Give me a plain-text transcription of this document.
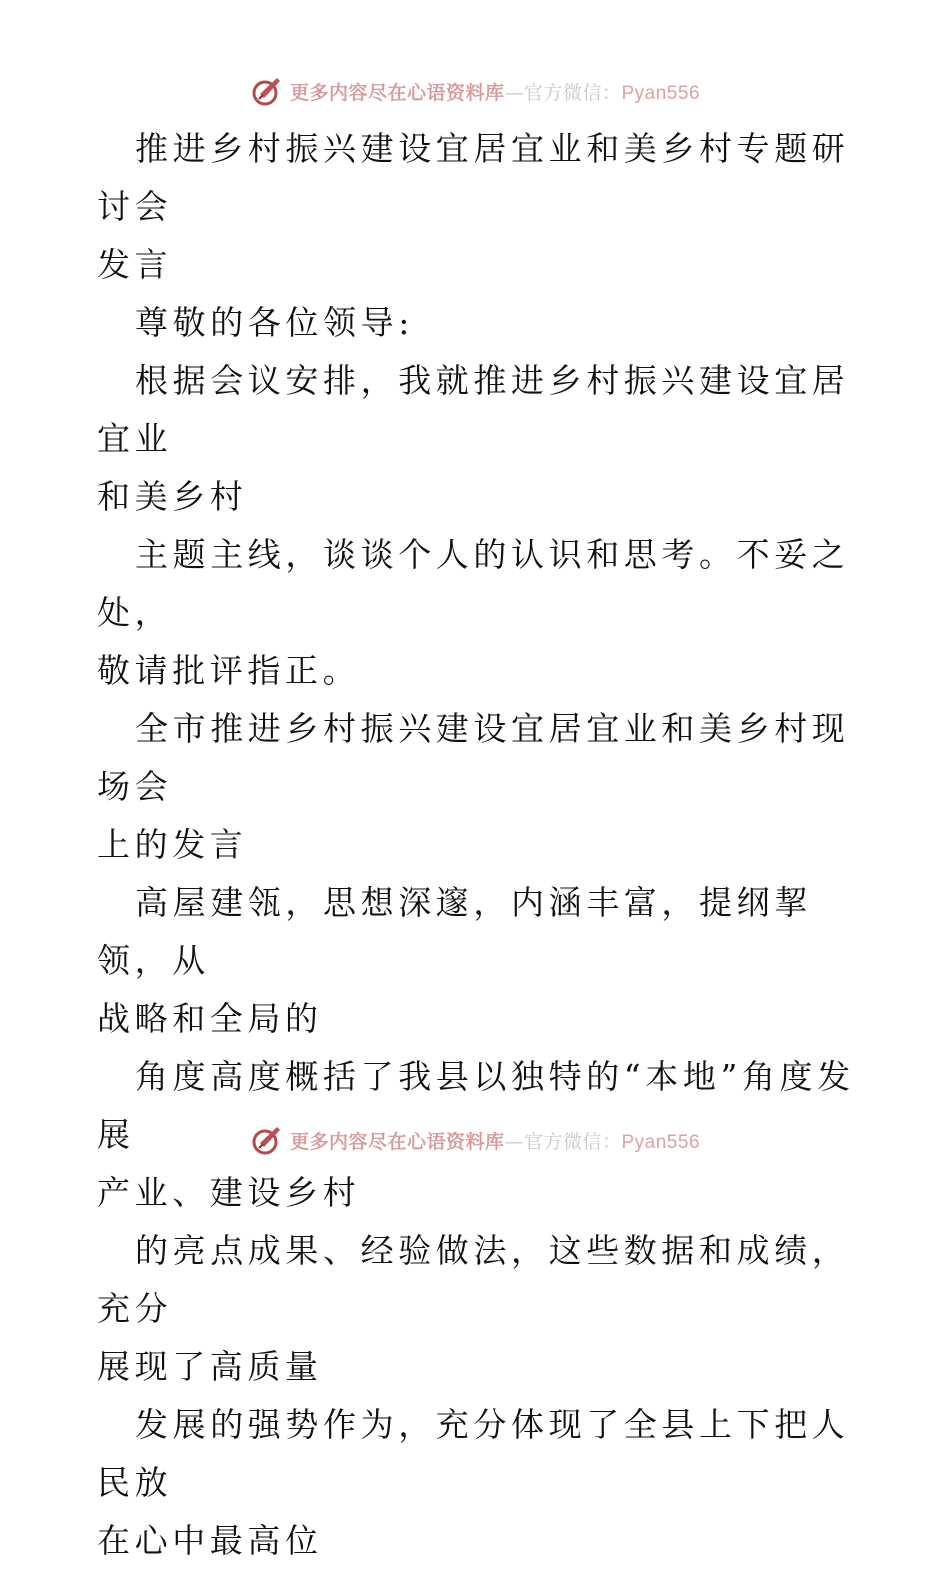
更多内容尽在心语资料库—官方微信：Pyan556

推进乡村振兴建设宜居宜业和美乡村专题研讨会
发言

尊敬的各位领导:

根据会议安排，我就推进乡村振兴建设宜居宜业
和美乡村

主题主线，谈谈个人的认识和思考。不妥之处，
敬请批评指正。

全市推进乡村振兴建设宜居宜业和美乡村现场会
上的发言

高屋建瓴，思想深邃，内涵丰富，提纲挈领，从
战略和全局的

角度高度概括了我县以独特的“本地”角度发展
产业、建设乡村

的亮点成果、经验做法，这些数据和成绩，充分
展现了高质量

发展的强势作为，充分体现了全县上下把人民放
在心中最高位

更多内容尽在心语资料库—官方微信：Pyan556
